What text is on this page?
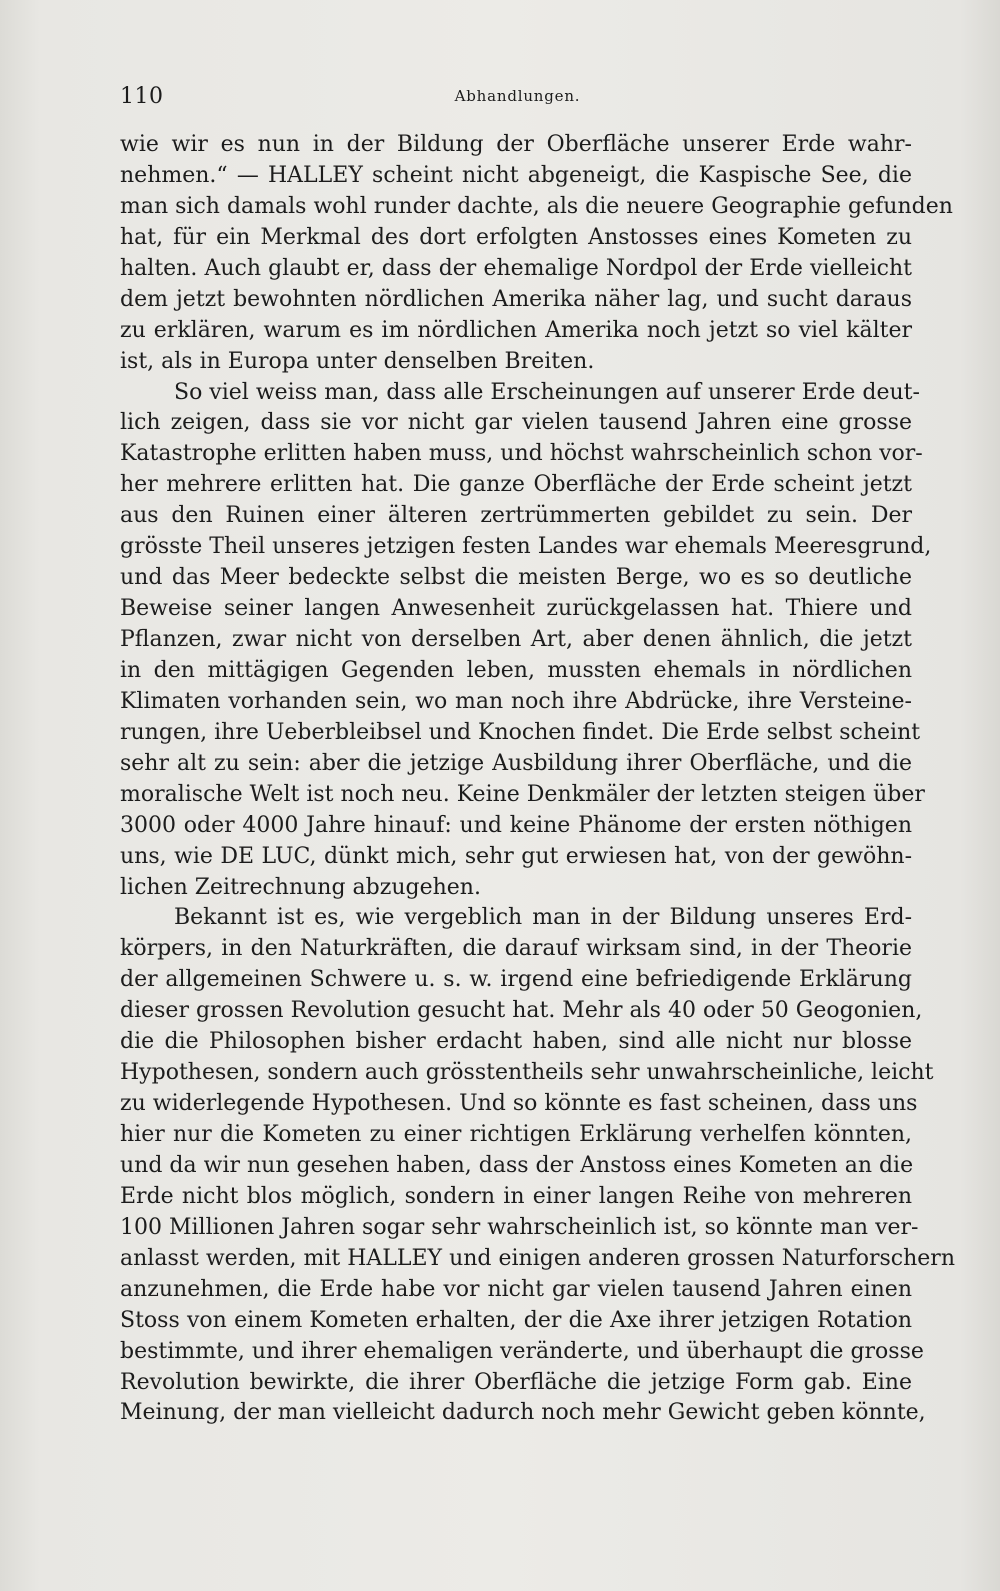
110	Abhandlungen.
wie wir es nun in der Bildung der Oberfläche unserer Erde wahr-
nehmen.“ — HALLEY scheint nicht abgeneigt, die Kaspische See, die
man sich damals wohl runder dachte, als die neuere Geographie gefunden
hat, für ein Merkmal des dort erfolgten Anstosses eines Kometen zu
halten. Auch glaubt er, dass der ehemalige Nordpol der Erde vielleicht
dem jetzt bewohnten nördlichen Amerika näher lag, und sucht daraus
zu erklären, warum es im nördlichen Amerika noch jetzt so viel kälter
ist, als in Europa unter denselben Breiten.
So viel weiss man, dass alle Erscheinungen auf unserer Erde deut-
lich zeigen, dass sie vor nicht gar vielen tausend Jahren eine grosse
Katastrophe erlitten haben muss, und höchst wahrscheinlich schon vor-
her mehrere erlitten hat. Die ganze Oberfläche der Erde scheint jetzt
aus den Ruinen einer älteren zertrümmerten gebildet zu sein. Der
grösste Theil unseres jetzigen festen Landes war ehemals Meeresgrund,
und das Meer bedeckte selbst die meisten Berge, wo es so deutliche
Beweise seiner langen Anwesenheit zurückgelassen hat. Thiere und
Pflanzen, zwar nicht von derselben Art, aber denen ähnlich, die jetzt
in den mittägigen Gegenden leben, mussten ehemals in nördlichen
Klimaten vorhanden sein, wo man noch ihre Abdrücke, ihre Versteine-
rungen, ihre Ueberbleibsel und Knochen findet. Die Erde selbst scheint
sehr alt zu sein: aber die jetzige Ausbildung ihrer Oberfläche, und die
moralische Welt ist noch neu. Keine Denkmäler der letzten steigen über
3000 oder 4000 Jahre hinauf: und keine Phänome der ersten nöthigen
uns, wie DE LUC, dünkt mich, sehr gut erwiesen hat, von der gewöhn-
lichen Zeitrechnung abzugehen.
Bekannt ist es, wie vergeblich man in der Bildung unseres Erd-
körpers, in den Naturkräften, die darauf wirksam sind, in der Theorie
der allgemeinen Schwere u. s. w. irgend eine befriedigende Erklärung
dieser grossen Revolution gesucht hat. Mehr als 40 oder 50 Geogonien,
die die Philosophen bisher erdacht haben, sind alle nicht nur blosse
Hypothesen, sondern auch grösstentheils sehr unwahrscheinliche, leicht
zu widerlegende Hypothesen. Und so könnte es fast scheinen, dass uns
hier nur die Kometen zu einer richtigen Erklärung verhelfen könnten,
und da wir nun gesehen haben, dass der Anstoss eines Kometen an die
Erde nicht blos möglich, sondern in einer langen Reihe von mehreren
100 Millionen Jahren sogar sehr wahrscheinlich ist, so könnte man ver-
anlasst werden, mit HALLEY und einigen anderen grossen Naturforschern
anzunehmen, die Erde habe vor nicht gar vielen tausend Jahren einen
Stoss von einem Kometen erhalten, der die Axe ihrer jetzigen Rotation
bestimmte, und ihrer ehemaligen veränderte, und überhaupt die grosse
Revolution bewirkte, die ihrer Oberfläche die jetzige Form gab. Eine
Meinung, der man vielleicht dadurch noch mehr Gewicht geben könnte,
